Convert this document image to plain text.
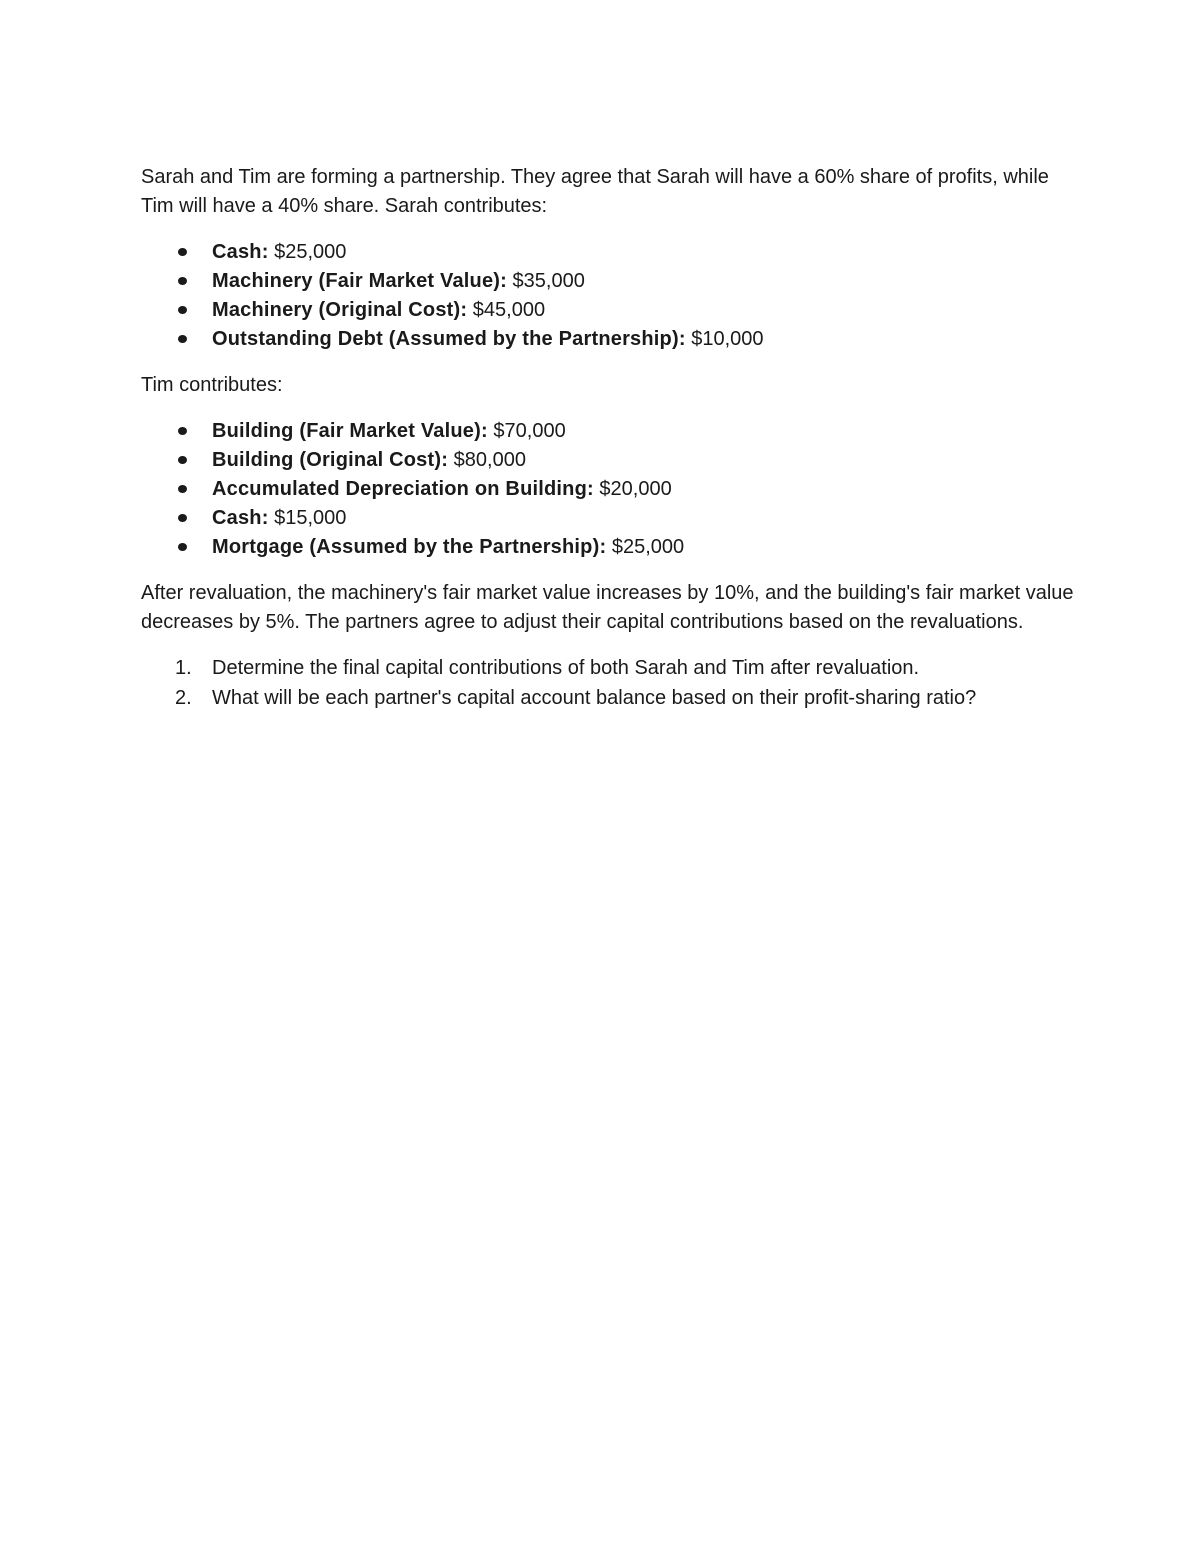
Sarah and Tim are forming a partnership. They agree that Sarah will have a 60% share of profits, while Tim will have a 40% share. Sarah contributes:

Cash: $25,000
Machinery (Fair Market Value): $35,000
Machinery (Original Cost): $45,000
Outstanding Debt (Assumed by the Partnership): $10,000

Tim contributes:

Building (Fair Market Value): $70,000
Building (Original Cost): $80,000
Accumulated Depreciation on Building: $20,000
Cash: $15,000
Mortgage (Assumed by the Partnership): $25,000

After revaluation, the machinery's fair market value increases by 10%, and the building's fair market value decreases by 5%. The partners agree to adjust their capital contributions based on the revaluations.

1. Determine the final capital contributions of both Sarah and Tim after revaluation.
2. What will be each partner's capital account balance based on their profit-sharing ratio?
